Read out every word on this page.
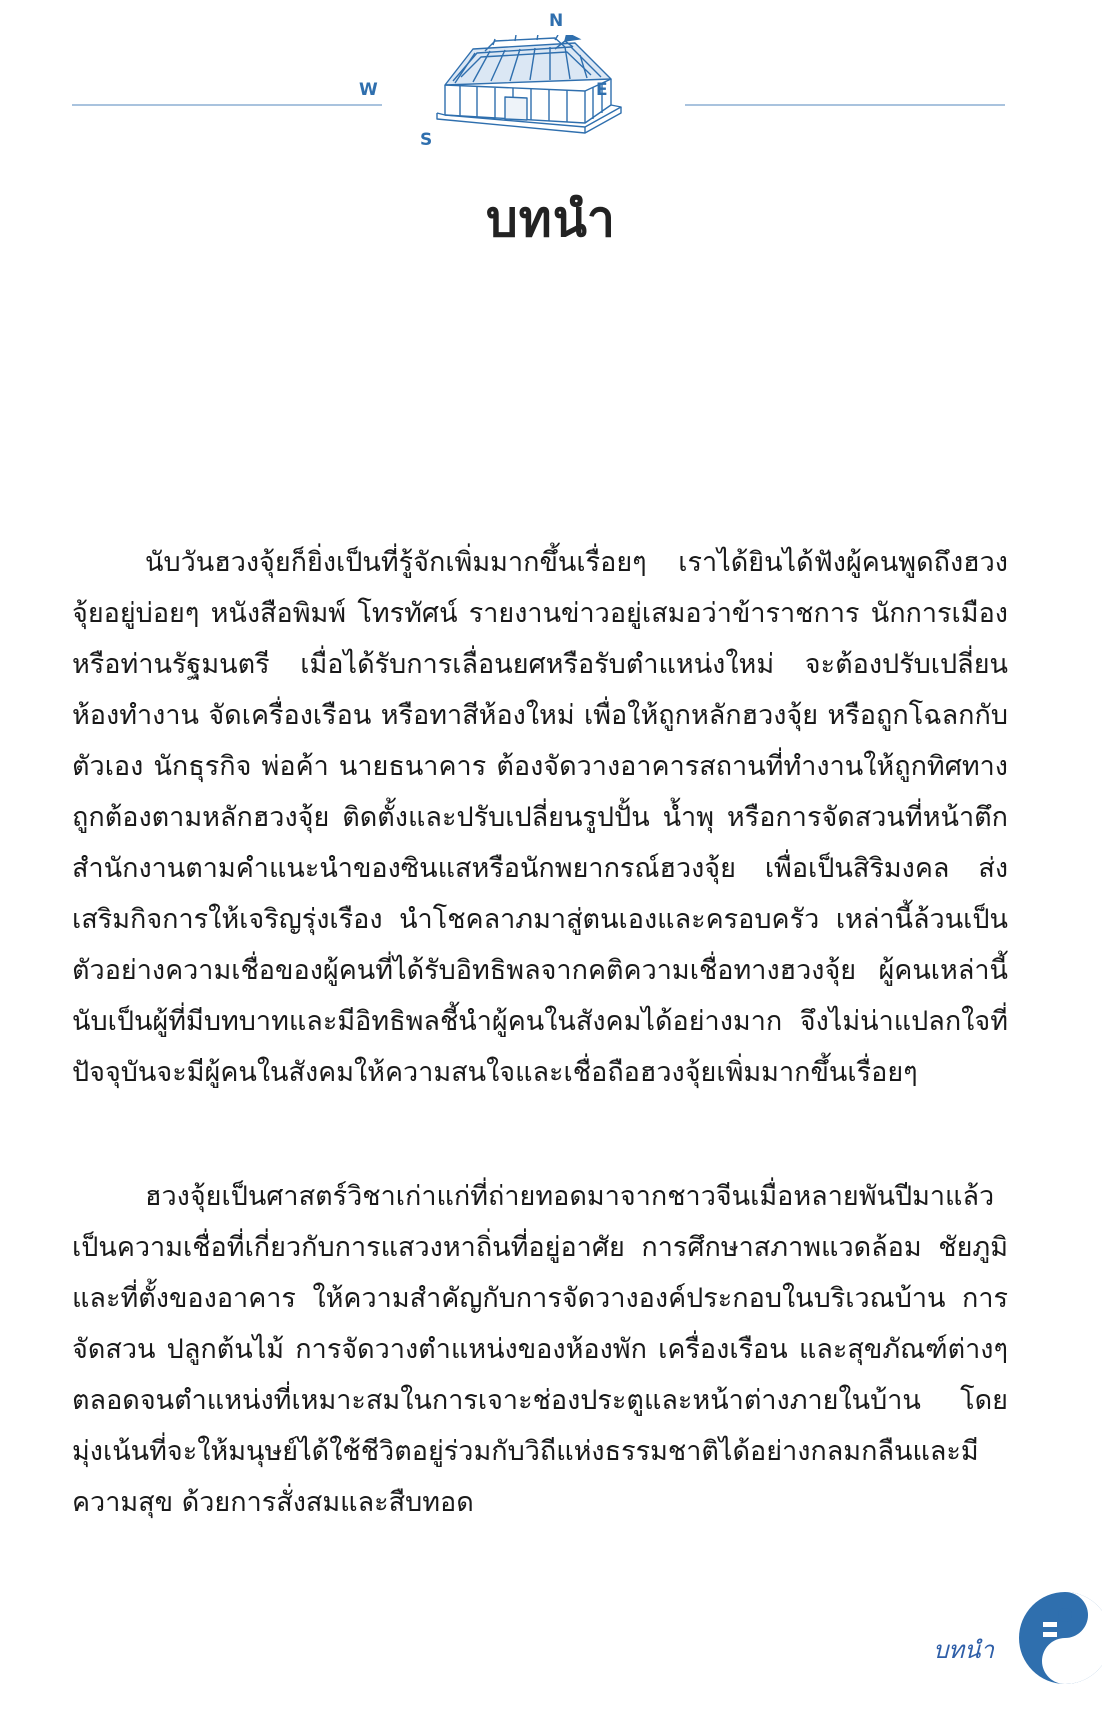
N
W	E
S
บทนำ

นับวันฮวงจุ้ยก็ยิ่งเป็นที่รู้จักเพิ่มมากขึ้นเรื่อยๆ เราได้ยินได้ฟังผู้คนพูดถึงฮวงจุ้ยอยู่บ่อยๆ หนังสือพิมพ์ โทรทัศน์ รายงานข่าวอยู่เสมอว่าข้าราชการ นักการเมือง หรือท่านรัฐมนตรี เมื่อได้รับการเลื่อนยศหรือรับตำแหน่งใหม่ จะต้องปรับเปลี่ยนห้องทำงาน จัดเครื่องเรือน หรือทาสีห้องใหม่ เพื่อให้ถูกหลักฮวงจุ้ย หรือถูกโฉลกกับตัวเอง นักธุรกิจ พ่อค้า นายธนาคาร ต้องจัดวางอาคารสถานที่ทำงานให้ถูกทิศทาง ถูกต้องตามหลักฮวงจุ้ย ติดตั้งและปรับเปลี่ยนรูปปั้น น้ำพุ หรือการจัดสวนที่หน้าตึกสำนักงานตามคำแนะนำของซินแสหรือนักพยากรณ์ฮวงจุ้ย เพื่อเป็นสิริมงคล ส่งเสริมกิจการให้เจริญรุ่งเรือง นำโชคลาภมาสู่ตนเองและครอบครัว เหล่านี้ล้วนเป็นตัวอย่างความเชื่อของผู้คนที่ได้รับอิทธิพลจากคติความเชื่อทางฮวงจุ้ย ผู้คนเหล่านี้นับเป็นผู้ที่มีบทบาทและมีอิทธิพลชี้นำผู้คนในสังคมได้อย่างมาก จึงไม่น่าแปลกใจที่ปัจจุบันจะมีผู้คนในสังคมให้ความสนใจและเชื่อถือฮวงจุ้ยเพิ่มมากขึ้นเรื่อยๆ

ฮวงจุ้ยเป็นศาสตร์วิชาเก่าแก่ที่ถ่ายทอดมาจากชาวจีนเมื่อหลายพันปีมาแล้ว เป็นความเชื่อที่เกี่ยวกับการแสวงหาถิ่นที่อยู่อาศัย การศึกษาสภาพแวดล้อม ชัยภูมิ และที่ตั้งของอาคาร ให้ความสำคัญกับการจัดวางองค์ประกอบในบริเวณบ้าน การจัดสวน ปลูกต้นไม้ การจัดวางตำแหน่งของห้องพัก เครื่องเรือน และสุขภัณฑ์ต่างๆ ตลอดจนตำแหน่งที่เหมาะสมในการเจาะช่องประตูและหน้าต่างภายในบ้าน โดยมุ่งเน้นที่จะให้มนุษย์ได้ใช้ชีวิตอยู่ร่วมกับวิถีแห่งธรรมชาติได้อย่างกลมกลืนและมีความสุข ด้วยการสั่งสมและสืบทอด

บทนำ
